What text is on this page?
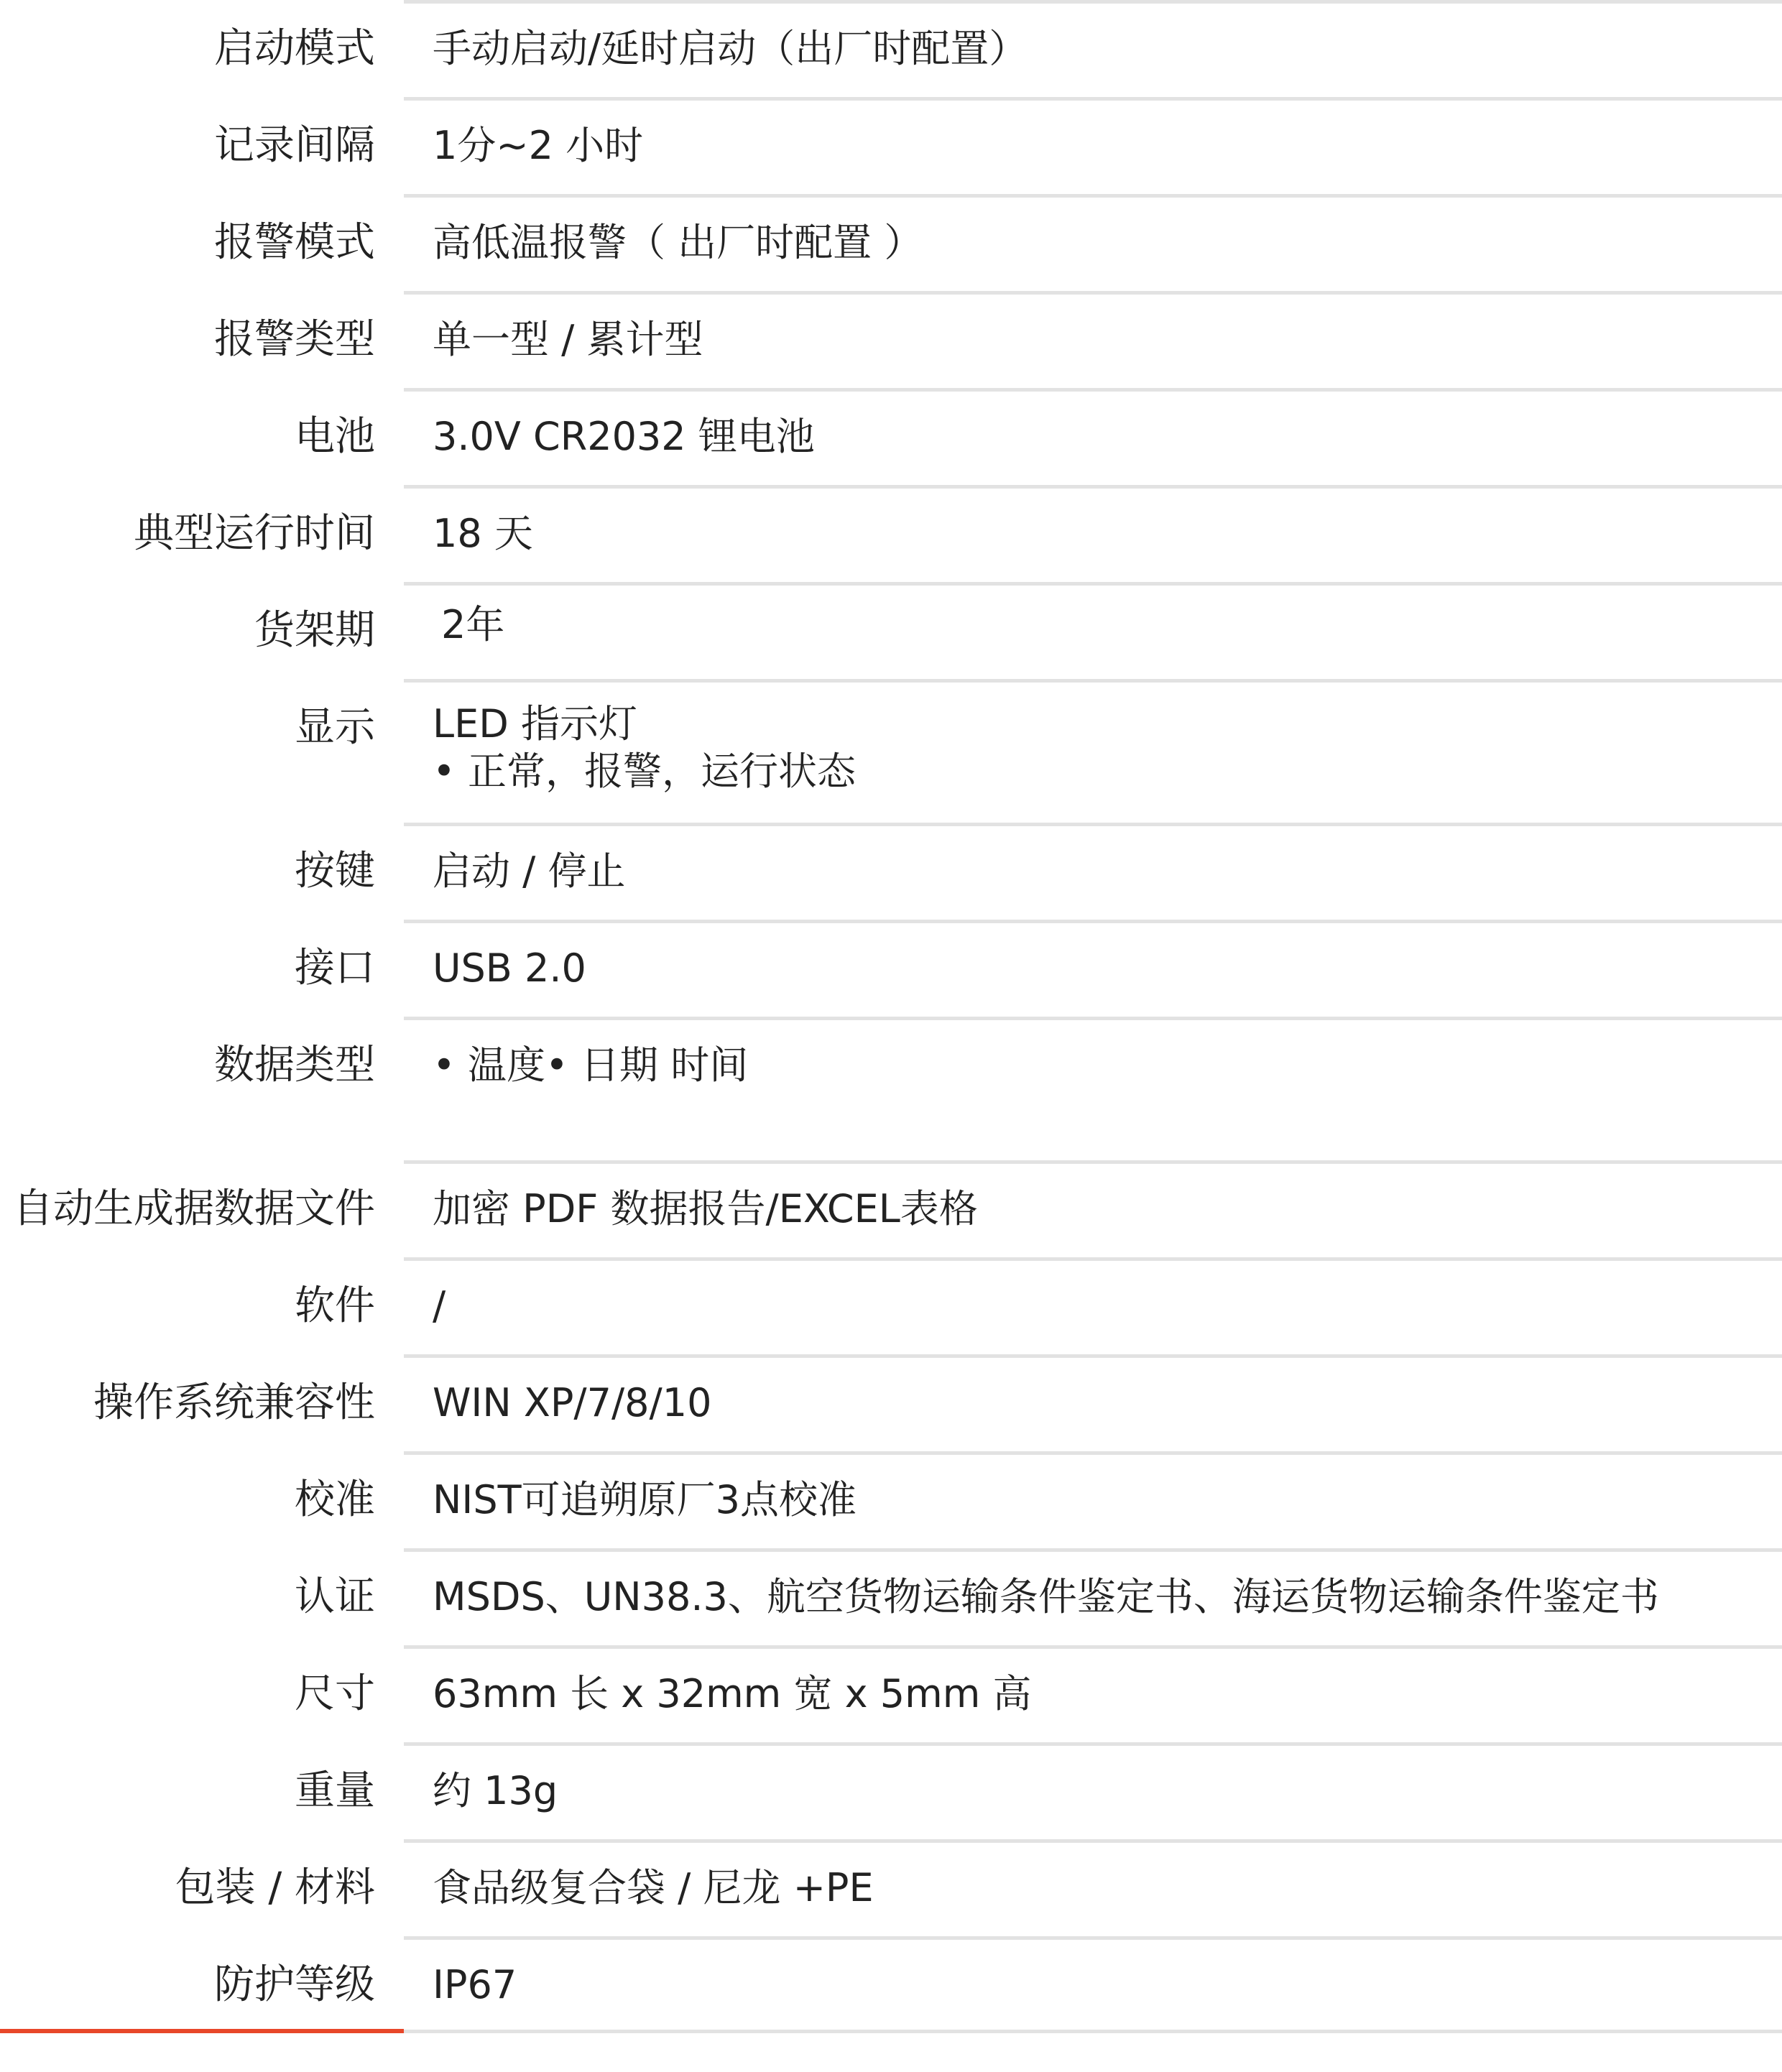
启动模式 手动启动/延时启动（出厂时配置）
记录间隔 1分~2 小时
报警模式 高低温报警（ 出厂时配置 ）
报警类型 单一型 / 累计型
电池 3.0V CR2032 锂电池
典型运行时间 18 天
货架期 2年
显示 LED 指示灯
• 正常，报警，运行状态
按键 启动 / 停止
接口 USB 2.0
数据类型 • 温度• 日期 时间
自动生成据数据文件 加密 PDF 数据报告/EXCEL表格
软件 /
操作系统兼容性 WIN XP/7/8/10
校准 NIST可追朔原厂3点校准
认证 MSDS、UN38.3、航空货物运输条件鉴定书、海运货物运输条件鉴定书
尺寸 63mm 长 x 32mm 宽 x 5mm 高
重量 约 13g
包装 / 材料 食品级复合袋 / 尼龙 +PE
防护等级 IP67
